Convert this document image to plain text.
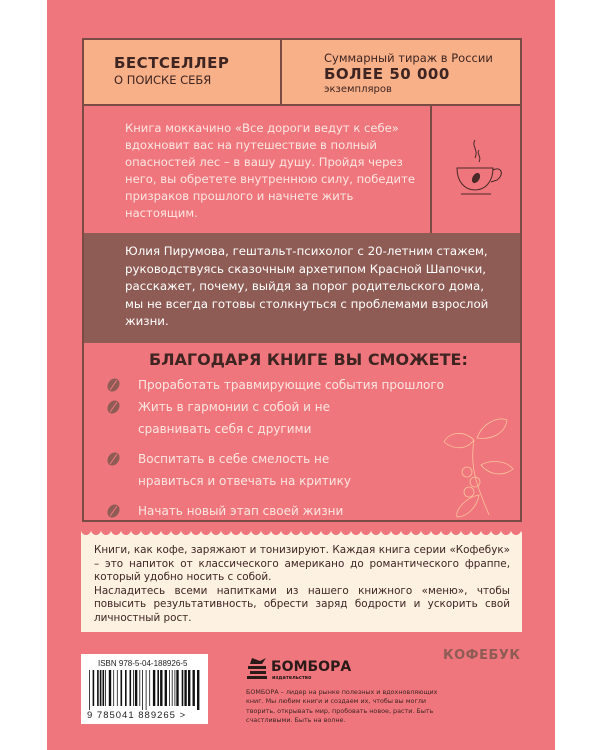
БЕСТСЕЛЛЕР
О ПОИСКЕ СЕБЯ
Суммарный тираж в России
БОЛЕЕ 50 000
экземпляров
Книга моккачино «Все дороги ведут к себе» вдохновит вас на путешествие в полный опасностей лес – в вашу душу. Пройдя через него, вы обретете внутреннюю силу, победите призраков прошлого и начнете жить настоящим.
Юлия Пирумова, гештальт-психолог с 20-летним стажем, руководствуясь сказочным архетипом Красной Шапочки, расскажет, почему, выйдя за порог родительского дома, мы не всегда готовы столкнуться с проблемами взрослой жизни.
БЛАГОДАРЯ КНИГЕ ВЫ СМОЖЕТЕ:
Проработать травмирующие события прошлого
Жить в гармонии с собой и не сравнивать себя с другими
Воспитать в себе смелость не нравиться и отвечать на критику
Начать новый этап своей жизни
Книги, как кофе, заряжают и тонизируют. Каждая книга серии «Кофебук» – это напиток от классического американо до романтического фраппе, который удобно носить с собой.
Насладитесь всеми напитками из нашего книжного «меню», чтобы повысить результативность, обрести заряд бодрости и ускорить свой личностный рост.
ISBN 978-5-04-188926-5
9 785041 889265 >
БОМБОРА
издательство
БОМБОРА – лидер на рынке полезных и вдохновляющих книг. Мы любим книги и создаем их, чтобы вы могли творить, открывать мир, пробовать новое, расти. Быть счастливыми. Быть на волне.
КОФЕБУК
